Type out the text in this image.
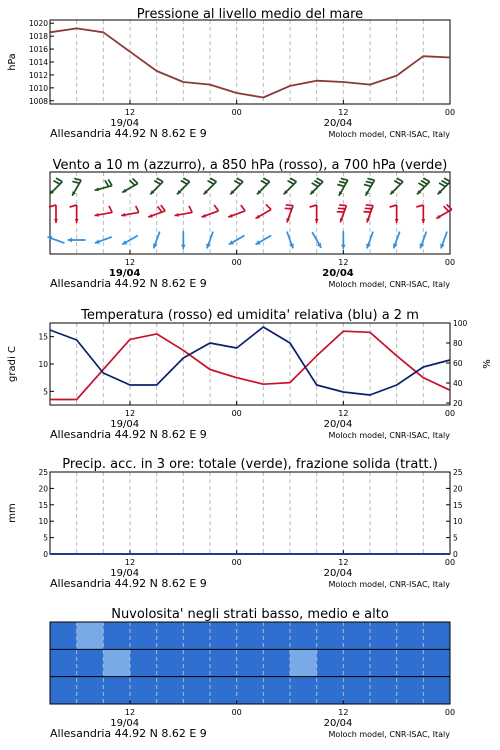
Pressione al livello medio del mare
12	00	12	00
19/04	20/04
Allesandria 44.92 N 8.62 E 9	Moloch model, CNR-ISAC, Italy
1008
1010
1012
1014
1016
1018
1020
hPa
Vento a 10 m (azzurro), a 850 hPa (rosso), a 700 hPa (verde)
12	00	12	00
19/04	20/04
Allesandria 44.92 N 8.62 E 9	Moloch model, CNR-ISAC, Italy
Temperatura (rosso) ed umidita' relativa (blu) a 2 m
12	00	12	00
19/04	20/04
Allesandria 44.92 N 8.62 E 9	Moloch model, CNR-ISAC, Italy
5
10
15
20
40
60
80
100
gradi C	%
Precip. acc. in 3 ore: totale (verde), frazione solida (tratt.)
12	00	12	00
19/04	20/04
Allesandria 44.92 N 8.62 E 9	Moloch model, CNR-ISAC, Italy
0
5
10
15
20
25
0
5
10
15
20
25
mm
Nuvolosita' negli strati basso, medio e alto
12	00	12	00
19/04	20/04
Allesandria 44.92 N 8.62 E 9	Moloch model, CNR-ISAC, Italy
